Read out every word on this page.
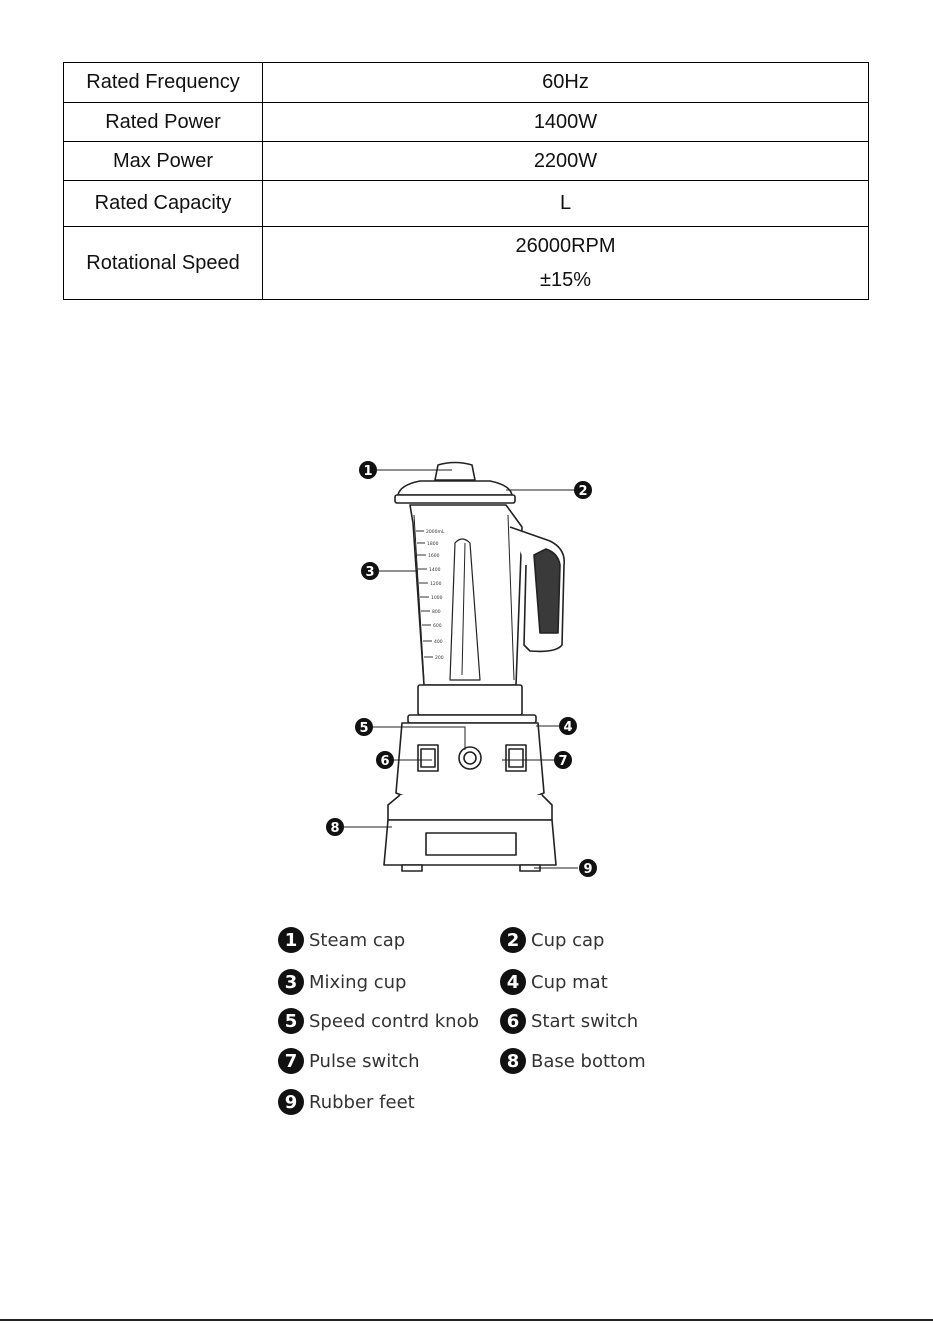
Rated Frequency	60Hz
Rated Power	1400W
Max Power	2200W
Rated Capacity	L
Rotational Speed	26000RPM
±15%
2000mL
1800
1600
1400
1200
1000
800
600
400
200
1
2
3
4
5
6	7
8
9
1 Steam cap	2 Cup cap
3 Mixing cup	4 Cup mat
5 Speed contrd knob	6 Start switch
7 Pulse switch	8 Base bottom
9 Rubber feet
